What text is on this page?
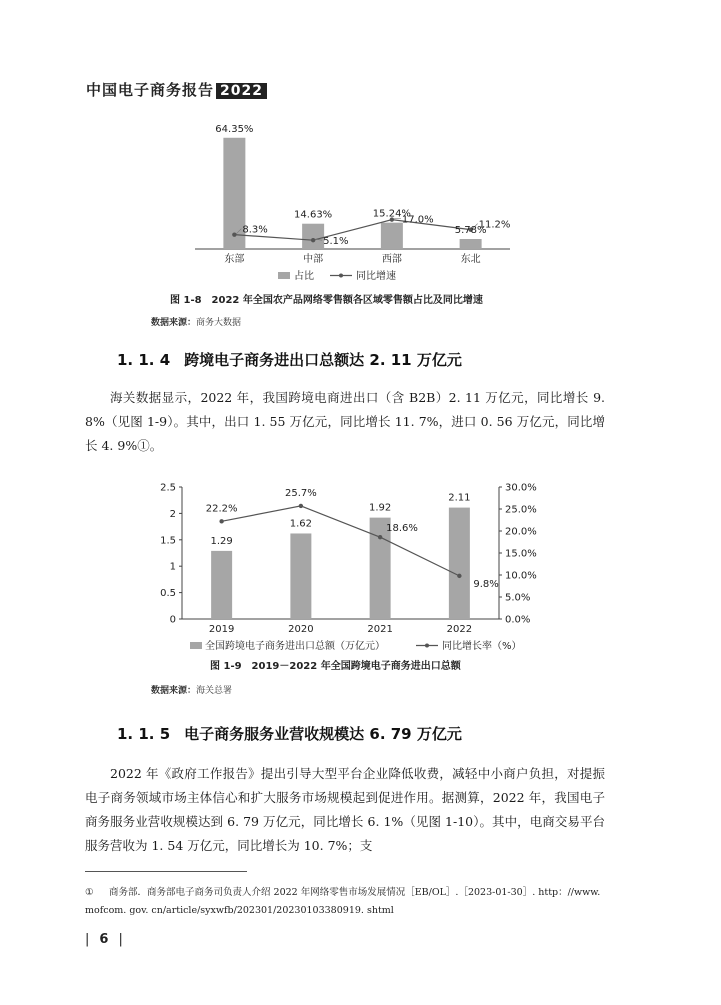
中国电子商务报告 2022
64.35%
东部
14.63%
中部
15.24%
西部
5.78%
东北
8.3%
5.1%
17.0%	11.2%
占比	同比增速
图 1-8　2022 年全国农产品网络零售额各区域零售额占比及同比增速
数据来源：商务大数据
1. 1. 4 跨境电子商务进出口总额达 2. 11 万亿元

海关数据显示，2022 年，我国跨境电商进出口（含 B2B）2. 11 万亿元，同比增长 9. 8%（见图 1-9）。其中，出口 1. 55 万亿元，同比增长 11. 7%，进口 0. 56 万亿元，同比增长 4. 9%①。

0
0.5
1
1.5
2
2.5
0.0%
5.0%
10.0%
15.0%
20.0%
25.0%
30.0%
1.29
2019
1.62
2020
1.92
2021
2.11
2022
22.2%
25.7%
18.6%
9.8%
全国跨境电子商务进出口总额（万亿元）	同比增长率（%）
图 1-9　2019－2022 年全国跨境电子商务进出口总额
数据来源：海关总署
1. 1. 5 电子商务服务业营收规模达 6. 79 万亿元

2022 年《政府工作报告》提出引导大型平台企业降低收费，减轻中小商户负担，对提振电子商务领域市场主体信心和扩大服务市场规模起到促进作用。据测算，2022 年，我国电子商务服务业营收规模达到 6. 79 万亿元，同比增长 6. 1%（见图 1-10）。其中，电商交易平台服务营收为 1. 54 万亿元，同比增长为 10. 7%；支

① 商务部．商务部电子商务司负责人介绍 2022 年网络零售市场发展情况［EB/OL］.［2023-01-30］. http：//www. mofcom. gov. cn/article/syxwfb/202301/20230103380919. shtml
| 6 |
